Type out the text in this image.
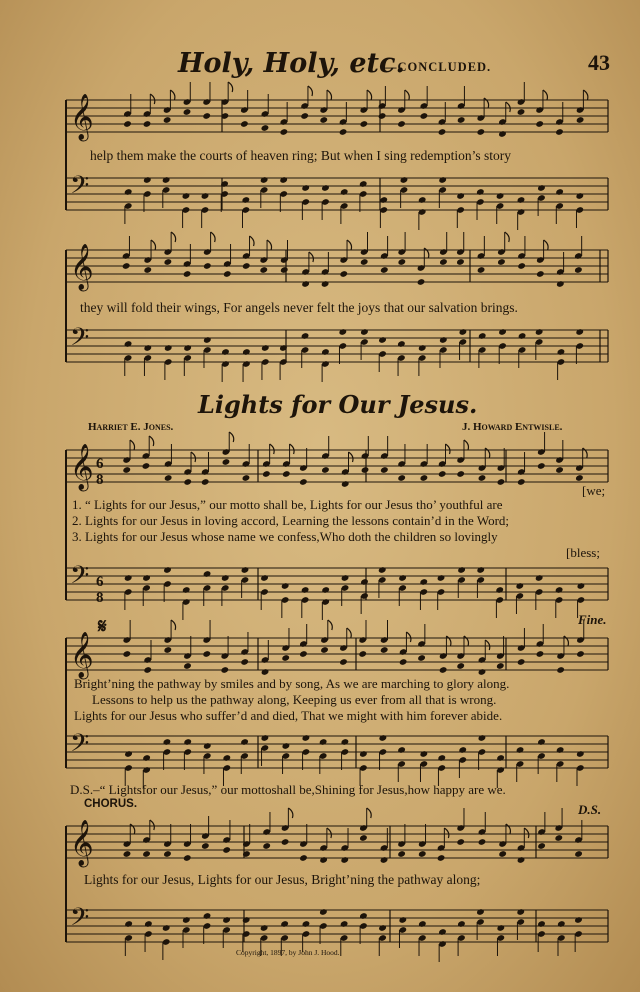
Holy, Holy, etc.
—CONCLUDED.	43
𝄞
𝄢
𝄞
𝄢
𝄞
𝄢
𝄞
𝄢
𝄞
𝄢
6
8
6
8
help them make the courts of heaven ring; But when I sing redemption’s story
they will fold their wings, For angels never felt the joys that our salvation brings.
Lights for Our Jesus.
Harriet E. Jones.	J. Howard Entwisle.
[we;
1. “ Lights for our Jesus,” our motto shall be, Lights for our Jesus tho’ youthful are
2. Lights for our Jesus in loving accord, Learning the lessons contain’d in the Word;
3. Lights for our Jesus whose name we confess,Who doth the children so lovingly
[bless;
𝄋	Fine.
Bright’ning the pathway by smiles and by song, As we are marching to glory along.
Lessons to help us the pathway along, Keeping us ever from all that is wrong.
Lights for our Jesus who suffer’d and died, That we might with him forever abide.
D.S.–“ Lightsfor our Jesus,” our mottoshall be,Shining for Jesus,how happy are we.
CHORUS.	D.S.
Lights for our Jesus, Lights for our Jesus, Bright’ning the pathway along;
Copyright, 1897, by John J. Hood.
